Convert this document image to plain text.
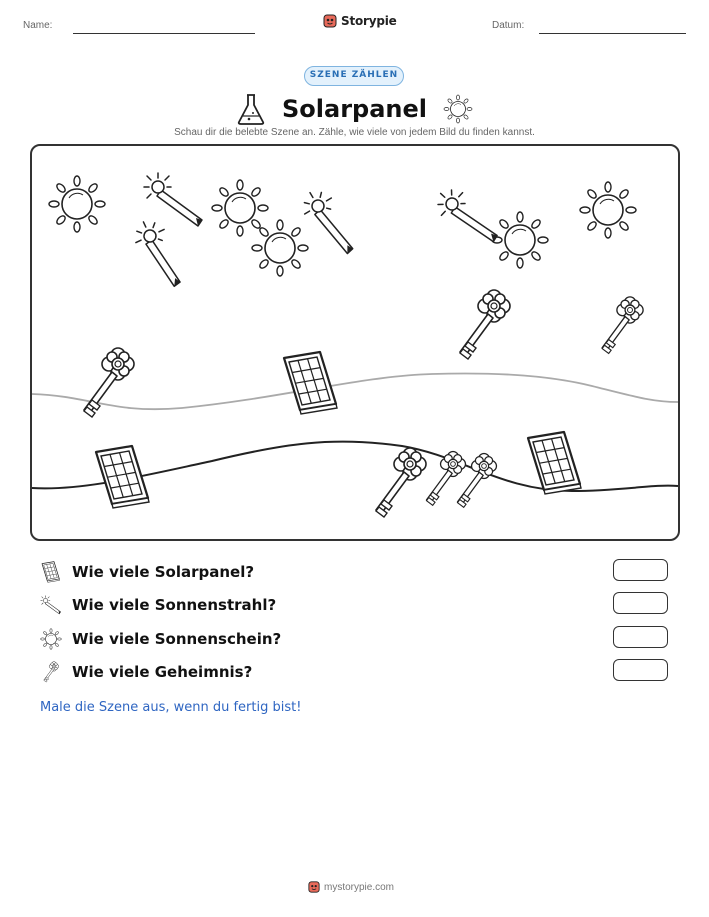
Name:	Storypie	Datum:
SZENE ZÄHLEN
Solarpanel
Schau dir die belebte Szene an. Zähle, wie viele von jedem Bild du finden kannst.
Wie viele Solarpanel?
Wie viele Sonnenstrahl?
Wie viele Sonnenschein?
Wie viele Geheimnis?
Male die Szene aus, wenn du fertig bist!
mystorypie.com
